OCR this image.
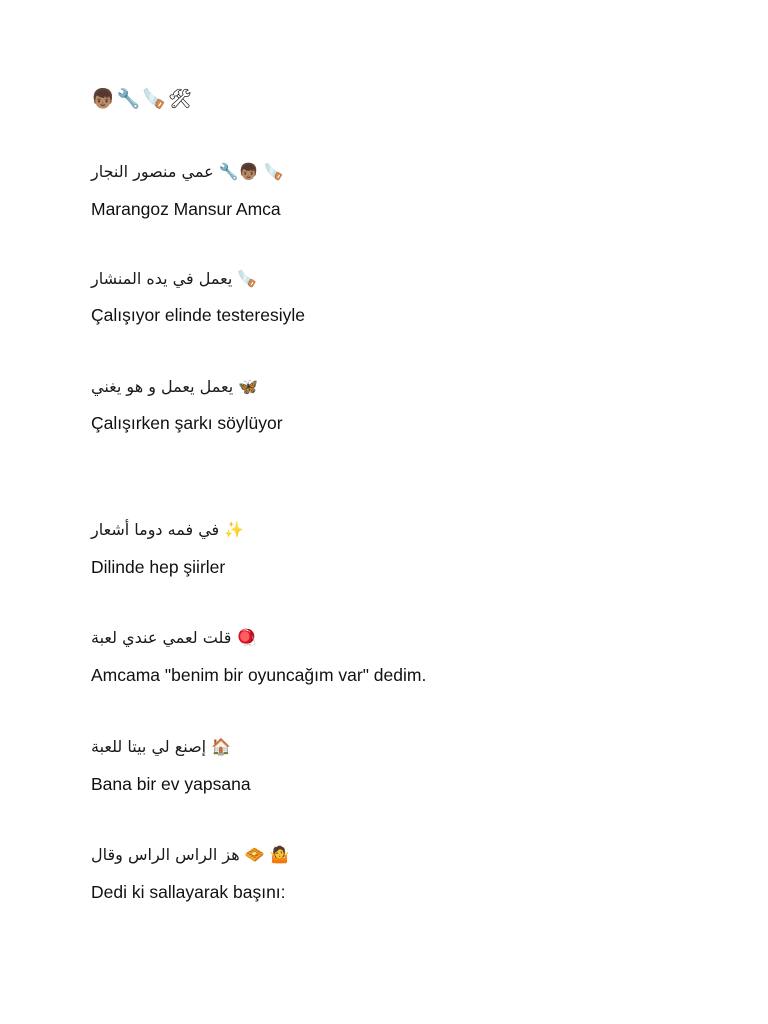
👦🏽🔧🪚🛠
🪚 👦🏽🔧 عمي منصور النجار
Marangoz Mansur Amca
🪚 يعمل في يده المنشار
Çalışıyor elinde testeresiyle
🦋 يعمل يعمل و هو يغني
Çalışırken şarkı söylüyor
✨ في فمه دوما أشعار
Dilinde hep şiirler
🪀 قلت لعمي عندي لعبة
Amcama "benim bir oyuncağım var" dedim.
🏠 إصنع لي بيتا للعبة
Bana bir ev yapsana
🤷 🧇 هز الراس الراس وقال
Dedi ki sallayarak başını:
